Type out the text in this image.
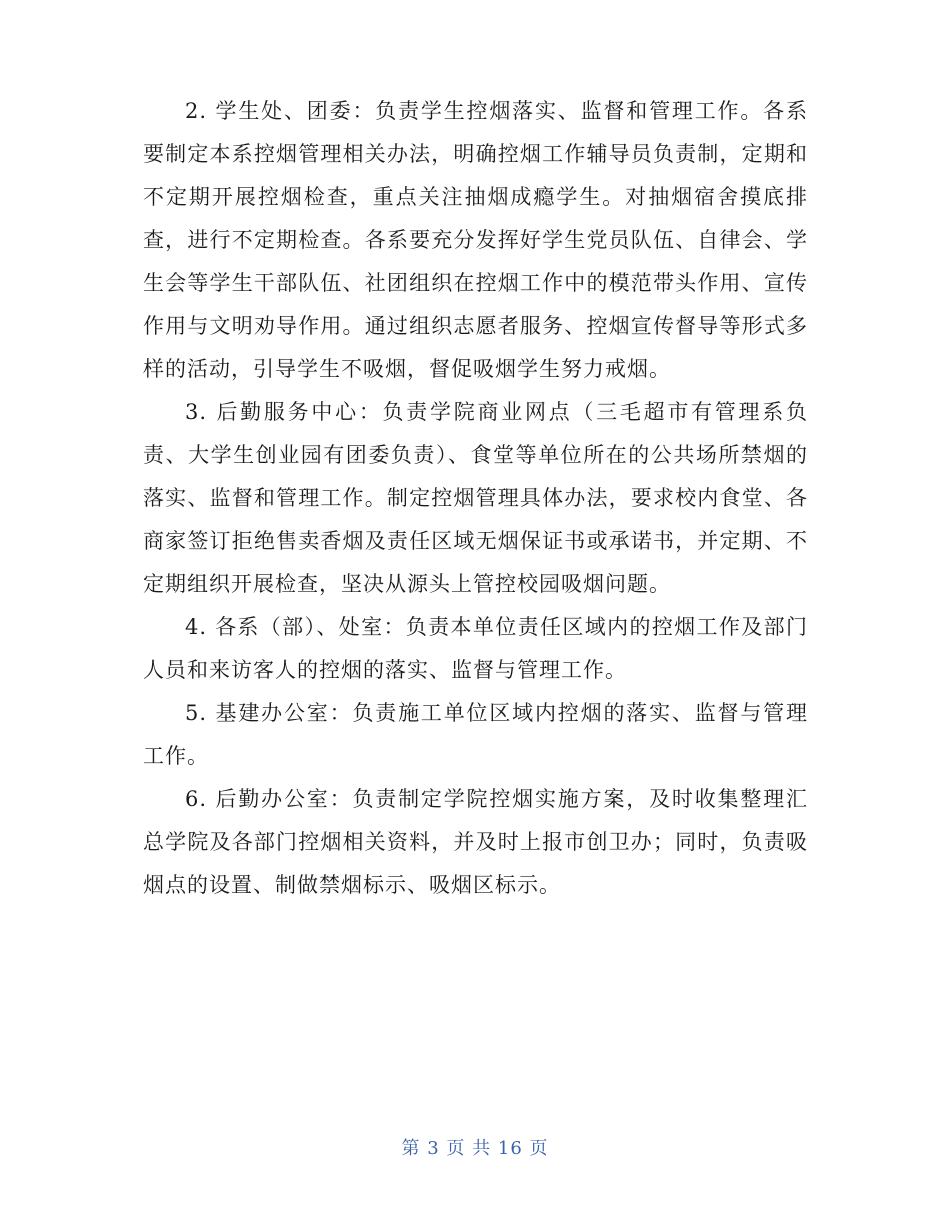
2. 学生处、团委：负责学生控烟落实、监督和管理工作。各系要制定本系控烟管理相关办法，明确控烟工作辅导员负责制，定期和不定期开展控烟检查，重点关注抽烟成瘾学生。对抽烟宿舍摸底排查，进行不定期检查。各系要充分发挥好学生党员队伍、自律会、学生会等学生干部队伍、社团组织在控烟工作中的模范带头作用、宣传作用与文明劝导作用。通过组织志愿者服务、控烟宣传督导等形式多样的活动，引导学生不吸烟，督促吸烟学生努力戒烟。

3. 后勤服务中心：负责学院商业网点（三毛超市有管理系负责、大学生创业园有团委负责）、食堂等单位所在的公共场所禁烟的落实、监督和管理工作。制定控烟管理具体办法，要求校内食堂、各商家签订拒绝售卖香烟及责任区域无烟保证书或承诺书，并定期、不定期组织开展检查，坚决从源头上管控校园吸烟问题。

4. 各系（部）、处室：负责本单位责任区域内的控烟工作及部门人员和来访客人的控烟的落实、监督与管理工作。

5. 基建办公室：负责施工单位区域内控烟的落实、监督与管理工作。

6. 后勤办公室：负责制定学院控烟实施方案，及时收集整理汇总学院及各部门控烟相关资料，并及时上报市创卫办；同时，负责吸烟点的设置、制做禁烟标示、吸烟区标示。

第 3 页 共 16 页
